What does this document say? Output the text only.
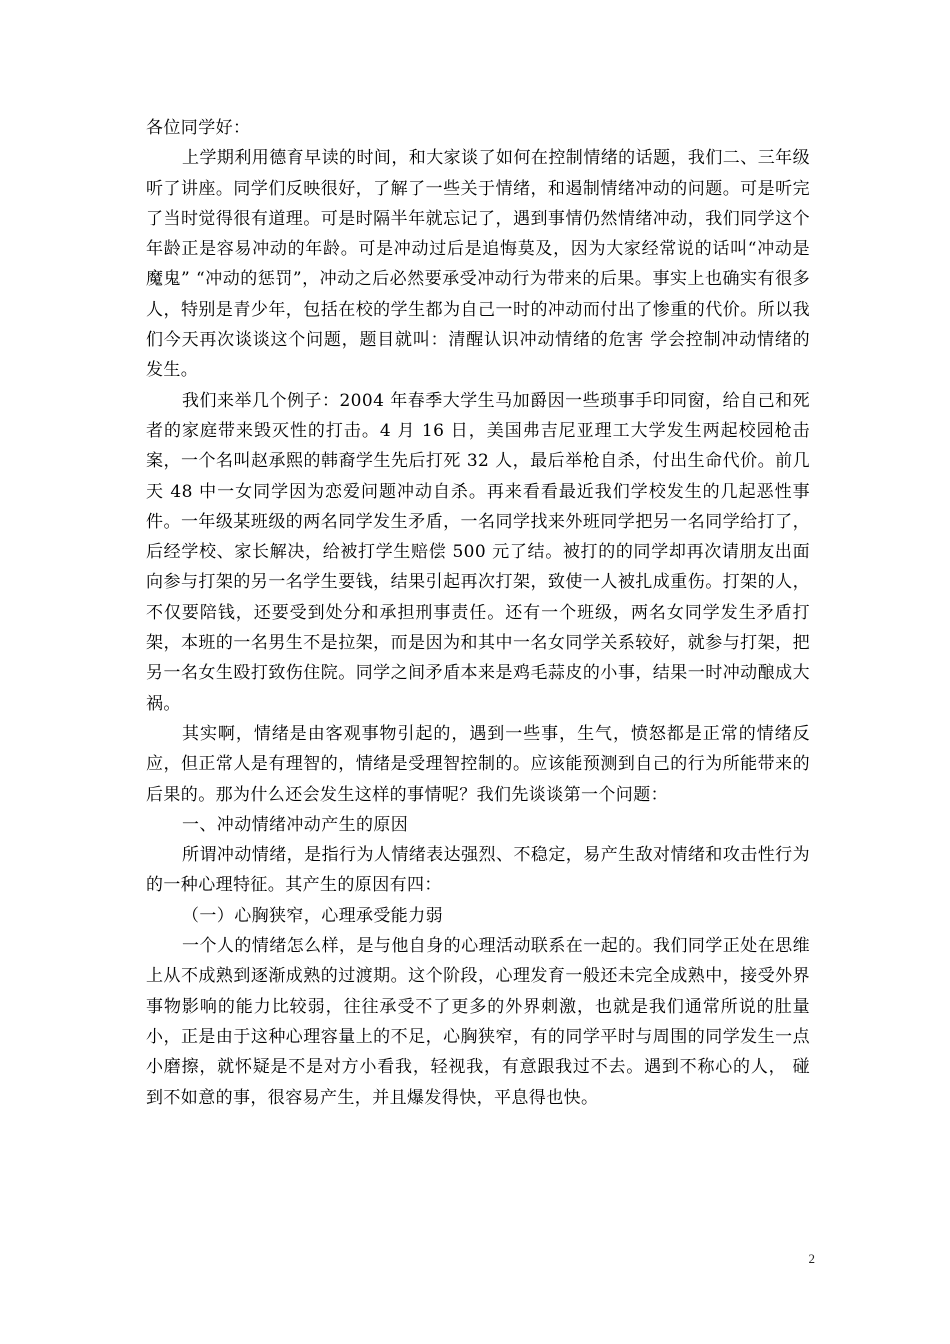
各位同学好：

上学期利用德育早读的时间，和大家谈了如何在控制情绪的话题，我们二、三年级听了讲座。同学们反映很好，了解了一些关于情绪，和遏制情绪冲动的问题。可是听完了当时觉得很有道理。可是时隔半年就忘记了，遇到事情仍然情绪冲动，我们同学这个年龄正是容易冲动的年龄。可是冲动过后是追悔莫及，因为大家经常说的话叫“冲动是魔鬼” “冲动的惩罚”，冲动之后必然要承受冲动行为带来的后果。事实上也确实有很多人，特别是青少年，包括在校的学生都为自己一时的冲动而付出了惨重的代价。所以我们今天再次谈谈这个问题，题目就叫：清醒认识冲动情绪的危害 学会控制冲动情绪的发生。

我们来举几个例子：2004 年春季大学生马加爵因一些琐事手印同窗，给自己和死者的家庭带来毁灭性的打击。4 月 16 日，美国弗吉尼亚理工大学发生两起校园枪击案，一个名叫赵承熙的韩裔学生先后打死 32 人，最后举枪自杀，付出生命代价。前几天 48 中一女同学因为恋爱问题冲动自杀。再来看看最近我们学校发生的几起恶性事件。一年级某班级的两名同学发生矛盾，一名同学找来外班同学把另一名同学给打了，后经学校、家长解决，给被打学生赔偿 500 元了结。被打的的同学却再次请朋友出面向参与打架的另一名学生要钱，结果引起再次打架，致使一人被扎成重伤。打架的人，不仅要陪钱，还要受到处分和承担刑事责任。还有一个班级，两名女同学发生矛盾打架，本班的一名男生不是拉架，而是因为和其中一名女同学关系较好，就参与打架，把另一名女生殴打致伤住院。同学之间矛盾本来是鸡毛蒜皮的小事，结果一时冲动酿成大祸。

其实啊，情绪是由客观事物引起的，遇到一些事，生气，愤怒都是正常的情绪反应，但正常人是有理智的，情绪是受理智控制的。应该能预测到自己的行为所能带来的后果的。那为什么还会发生这样的事情呢？我们先谈谈第一个问题：

一、冲动情绪冲动产生的原因

所谓冲动情绪，是指行为人情绪表达强烈、不稳定，易产生敌对情绪和攻击性行为的一种心理特征。其产生的原因有四：

（一）心胸狭窄，心理承受能力弱

一个人的情绪怎么样，是与他自身的心理活动联系在一起的。我们同学正处在思维上从不成熟到逐渐成熟的过渡期。这个阶段，心理发育一般还未完全成熟中，接受外界事物影响的能力比较弱，往往承受不了更多的外界刺激，也就是我们通常所说的肚量小，正是由于这种心理容量上的不足，心胸狭窄，有的同学平时与周围的同学发生一点小磨擦，就怀疑是不是对方小看我，轻视我，有意跟我过不去。遇到不称心的人， 碰到不如意的事，很容易产生，并且爆发得快，平息得也快。

2
